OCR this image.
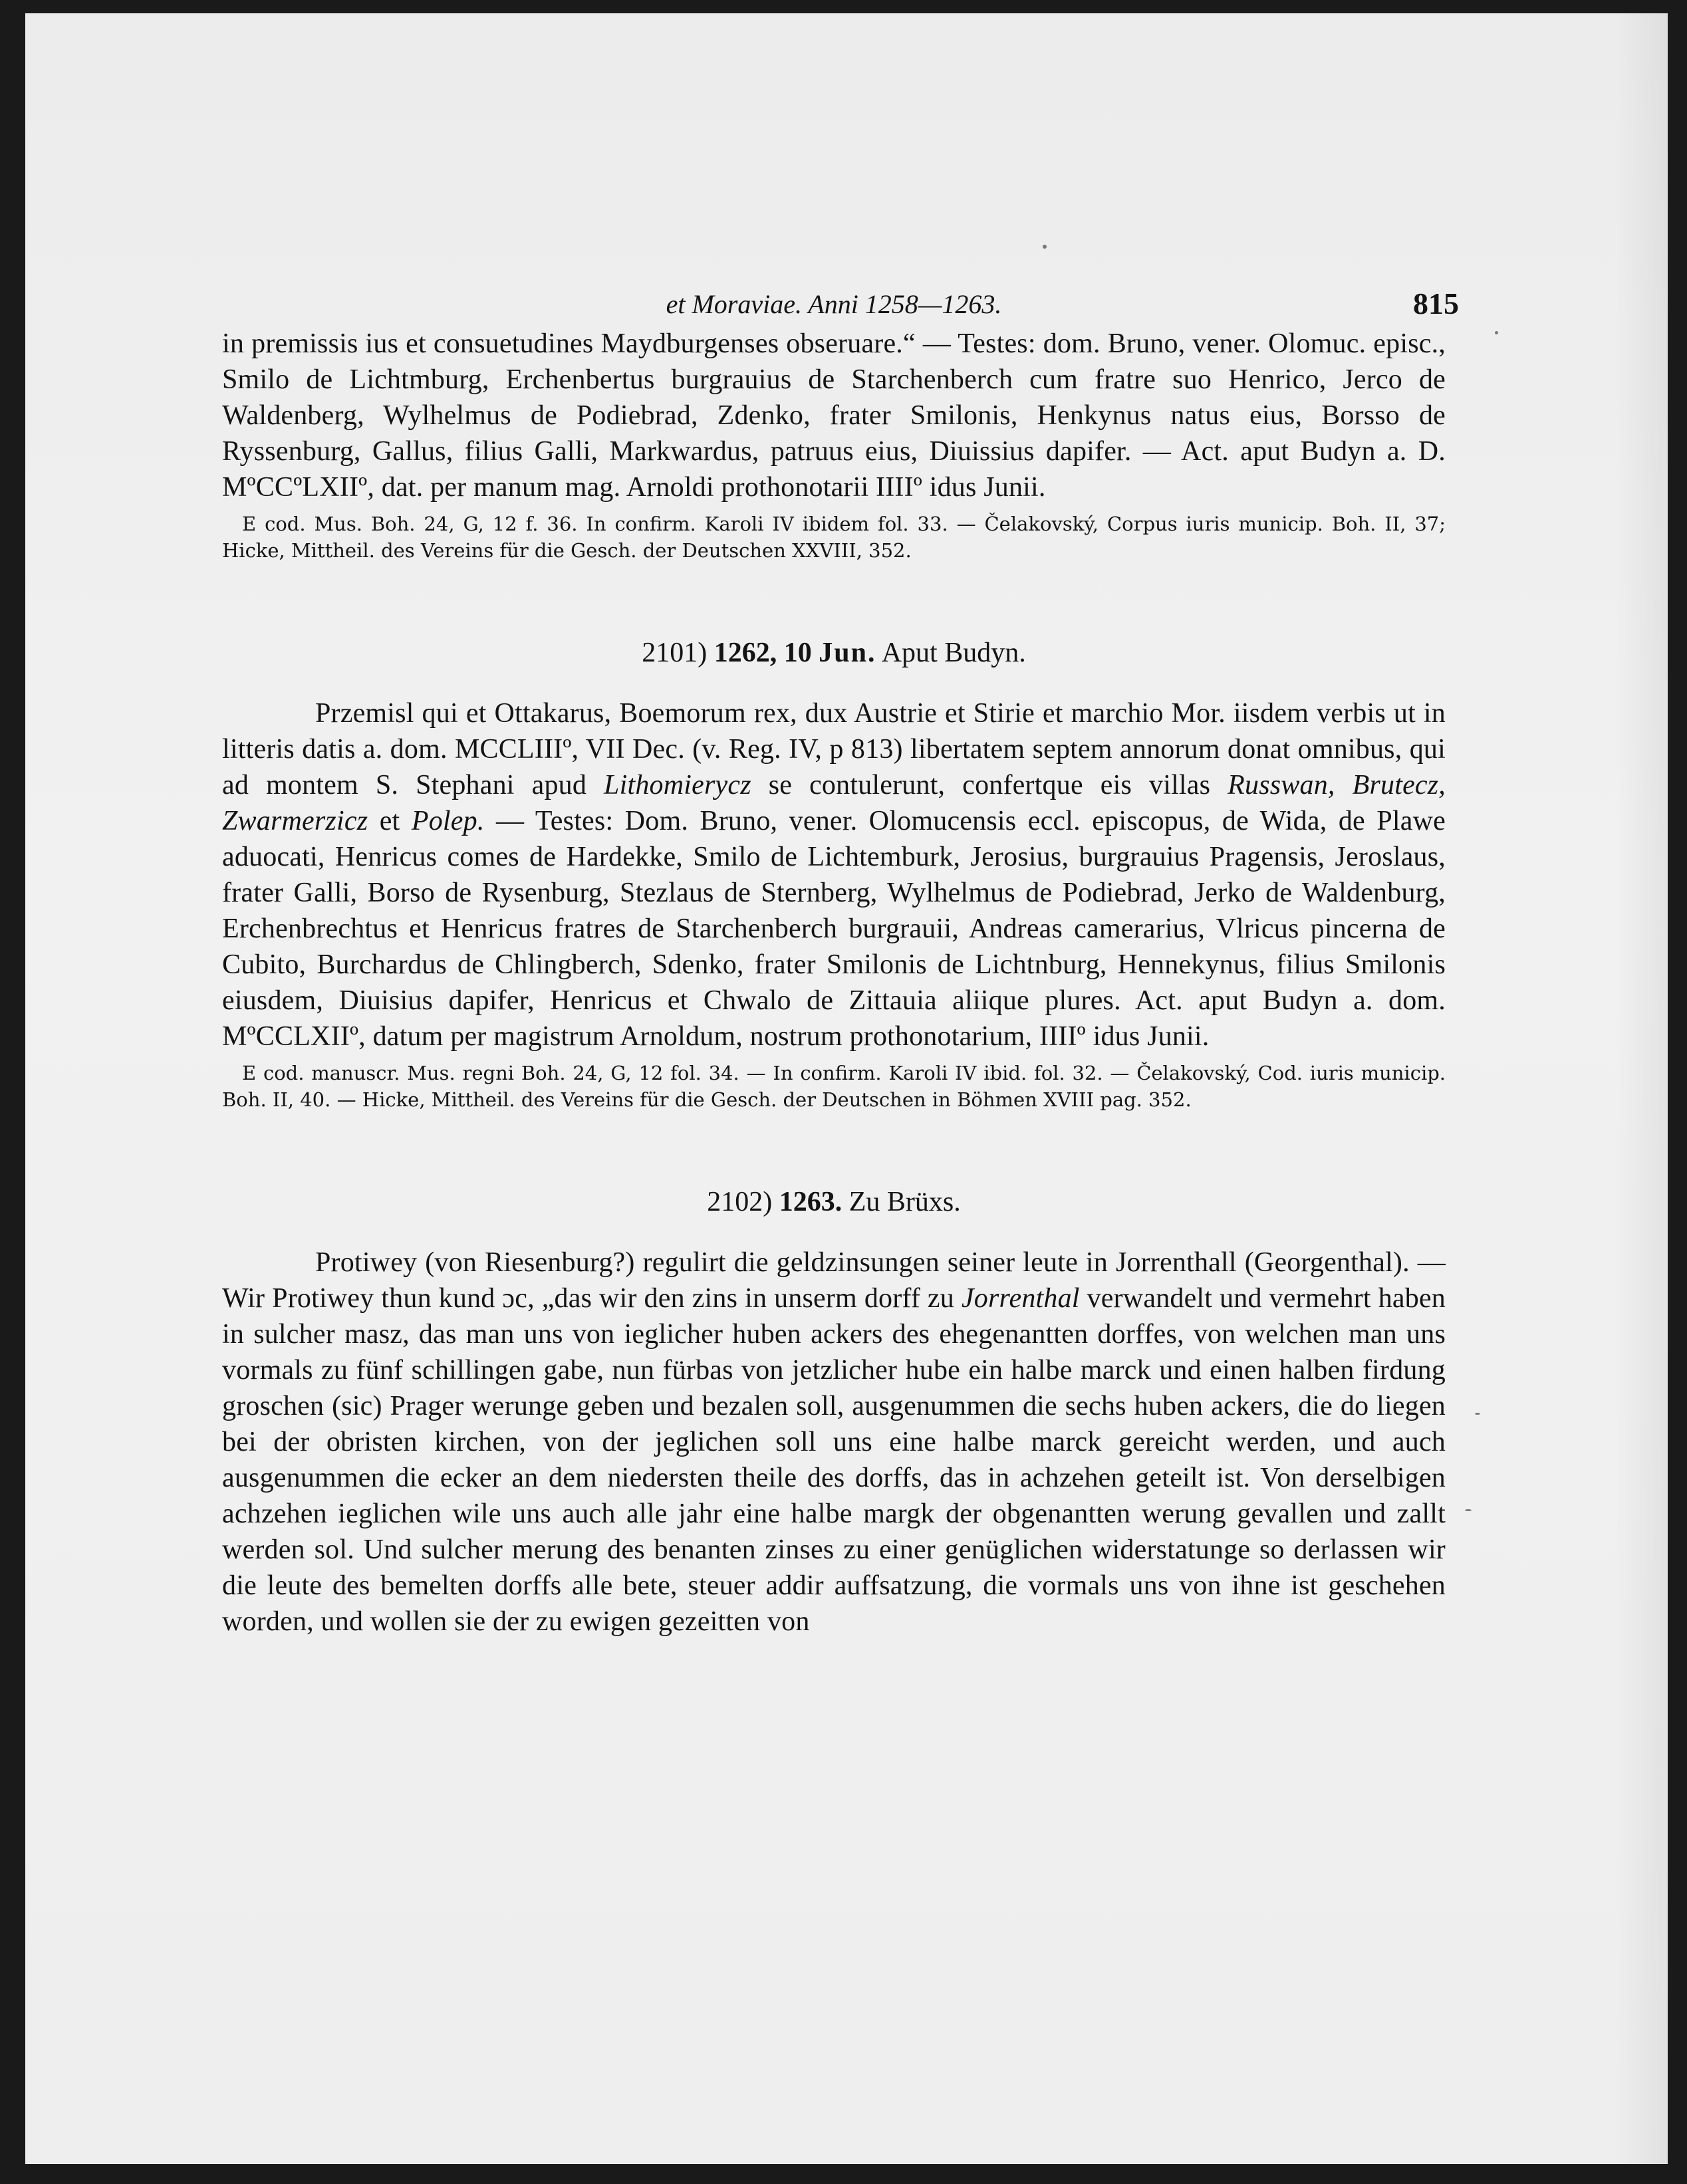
et Moraviae. Anni 1258—1263.	815

in premissis ius et consuetudines Maydburgenses obseruare.“ — Testes: dom. Bruno, vener. Olomuc. episc., Smilo de Lichtmburg, Erchenbertus burgrauius de Starchenberch cum fratre suo Henrico, Jerco de Waldenberg, Wylhelmus de Podiebrad, Zdenko, frater Smilonis, Henkynus natus eius, Borsso de Ryssenburg, Gallus, filius Galli, Markwardus, patruus eius, Diuissius dapifer. — Act. aput Budyn a. D. MºCCºLXIIº, dat. per manum mag. Arnoldi prothonotarii IIIIº idus Junii.

E cod. Mus. Boh. 24, G, 12 f. 36. In confirm. Karoli IV ibidem fol. 33. — Čelakovský, Corpus iuris municip. Boh. II, 37; Hicke, Mittheil. des Vereins für die Gesch. der Deutschen XXVIII, 352.

2101) 1262, 10 Jun. Aput Budyn.

Przemisl qui et Ottakarus, Boemorum rex, dux Austrie et Stirie et marchio Mor. iisdem verbis ut in litteris datis a. dom. MCCLIIIº, VII Dec. (v. Reg. IV, p 813) libertatem septem annorum donat omnibus, qui ad montem S. Stephani apud Lithomierycz se contulerunt, confertque eis villas Russwan, Brutecz, Zwarmerzicz et Polep. — Testes: Dom. Bruno, vener. Olomucensis eccl. episcopus, de Wida, de Plawe aduocati, Henricus comes de Hardekke, Smilo de Lichtemburk, Jerosius, burgrauius Pragensis, Jeroslaus, frater Galli, Borso de Rysenburg, Stezlaus de Sternberg, Wylhelmus de Podiebrad, Jerko de Waldenburg, Erchenbrechtus et Henricus fratres de Starchenberch burgrauii, Andreas camerarius, Vlricus pincerna de Cubito, Burchardus de Chlingberch, Sdenko, frater Smilonis de Lichtnburg, Hennekynus, filius Smilonis eiusdem, Diuisius dapifer, Henricus et Chwalo de Zittauia aliique plures. Act. aput Budyn a. dom. MºCCLXIIº, datum per magistrum Arnoldum, nostrum prothonotarium, IIIIº idus Junii.

E cod. manuscr. Mus. regni Boh. 24, G, 12 fol. 34. — In confirm. Karoli IV ibid. fol. 32. — Čelakovský, Cod. iuris municip. Boh. II, 40. — Hicke, Mittheil. des Vereins für die Gesch. der Deutschen in Böhmen XVIII pag. 352.

2102) 1263. Zu Brüxs.

Protiwey (von Riesenburg?) regulirt die geldzinsungen seiner leute in Jorrenthall (Georgenthal). — Wir Protiwey thun kund ɔc, „das wir den zins in unserm dorff zu Jorrenthal verwandelt und vermehrt haben in sulcher masz, das man uns von ieglicher huben ackers des ehegenantten dorffes, von welchen man uns vormals zu fünf schillingen gabe, nun fürbas von jetzlicher hube ein halbe marck und einen halben firdung groschen (sic) Prager werunge geben und bezalen soll, ausgenummen die sechs huben ackers, die do liegen bei der obristen kirchen, von der jeglichen soll uns eine halbe marck gereicht werden, und auch ausgenummen die ecker an dem niedersten theile des dorffs, das in achzehen geteilt ist. Von derselbigen achzehen ieglichen wile uns auch alle jahr eine halbe margk der obgenantten werung gevallen und zallt werden sol. Und sulcher merung des benanten zinses zu einer genüglichen widerstatunge so derlassen wir die leute des bemelten dorffs alle bete, steuer addir auffsatzung, die vormals uns von ihne ist geschehen worden, und wollen sie der zu ewigen gezeitten von
